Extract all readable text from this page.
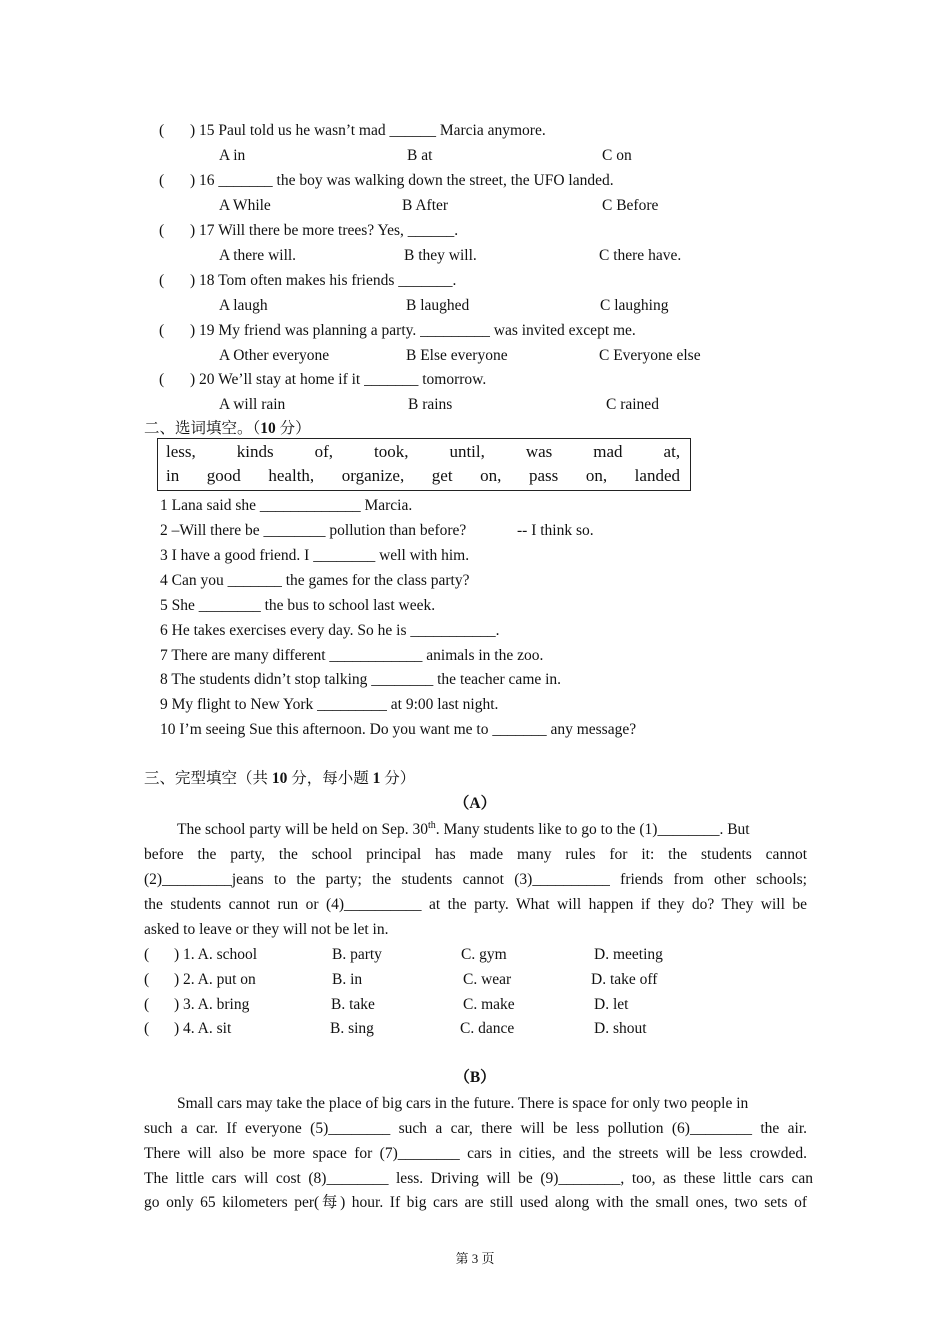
( ) 15 Paul told us he wasn’t mad ______ Marcia anymore.
A in	B at	C on
( ) 16 _______ the boy was walking down the street, the UFO landed.
A While	B After	C Before
( ) 17 Will there be more trees? Yes, ______.
A there will.	B they will.	C there have.
( ) 18 Tom often makes his friends _______.
A laugh	B laughed	C laughing
( ) 19 My friend was planning a party. _________ was invited except me.
A Other everyone	B Else everyone	C Everyone else
( ) 20 We’ll stay at home if it _______ tomorrow.
A will rain	B rains	C rained
二、选词填空。（10 分）
less, kinds of, took, until, was mad at,
in good health, organize, get on, pass on, landed
1 Lana said she _____________ Marcia.
2 –Will there be ________ pollution than before?	-- I think so.
3 I have a good friend. I ________ well with him.
4 Can you _______ the games for the class party?
5 She ________ the bus to school last week.
6 He takes exercises every day. So he is ___________.
7 There are many different ____________ animals in the zoo.
8 The students didn’t stop talking ________ the teacher came in.
9 My flight to New York _________ at 9:00 last night.
10 I’m seeing Sue this afternoon. Do you want me to _______ any message?
三、完型填空（共 10 分，每小题 1 分）
（A）
The school party will be held on Sep. 30th. Many students like to go to the (1)________. But
before the party, the school principal has made many rules for it: the students cannot
(2)_________jeans to the party; the students cannot (3)__________ friends from other schools;
the students cannot run or (4)__________ at the party. What will happen if they do? They will be
asked to leave or they will not be let in.
( ) 1. A. school	B. party	C. gym	D. meeting
( ) 2. A. put on	B. in	C. wear	D. take off
( ) 3. A. bring	B. take	C. make	D. let
( ) 4. A. sit	B. sing	C. dance	D. shout
（B）
Small cars may take the place of big cars in the future. There is space for only two people in
such a car. If everyone (5)________ such a car, there will be less pollution (6)________ the air.
There will also be more space for (7)________ cars in cities, and the streets will be less crowded.
The little cars will cost (8)________ less. Driving will be (9)________, too, as these little cars can
go only 65 kilometers per(每) hour. If big cars are still used along with the small ones, two sets of
第 3 页
